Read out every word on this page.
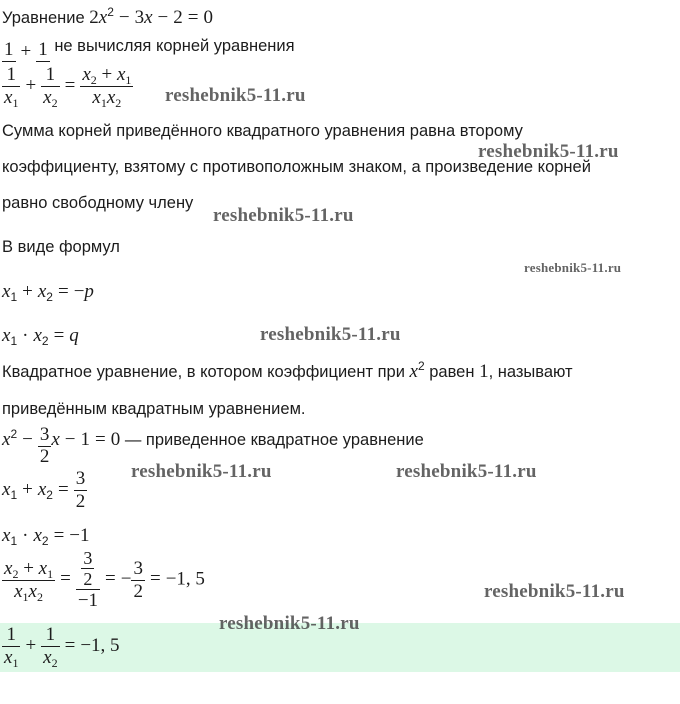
Уравнение $2x^2 - 3x - 2 = 0$
1
+ 1
не вычисляя корней уравнения
$\frac{1}{x_1} + \frac{1}{x_2} = \frac{x_2 + x_1}{x_1x_2}$
Сумма корней приведённого квадратного уравнения равна второму
коэффициенту, взятому с противоположным знаком, а произведение корней
равно свободному члену
В виде формул
$x_1 + x_2 = -p$
$x_1 \cdot x_2 = q$
Квадратное уравнение, в котором коэффициент при $x^2$ равен 1, называют
приведённым квадратным уравнением.
$x^2 - \frac{3}{2}$ x − 1 = 0 — приведенное квадратное уравнение
$x_1 + x_2 = \frac{3}{2}$
$x_1 \cdot x_2 = -1$
$\frac{x_2 + x_1}{x_1x_2} = \frac{\frac{3}{2}}{-1}$ = − $\frac{3}{2} = -1$, 5
$\frac{1}{x_1} + \frac{1}{x_2} = -1$, 5
reshebnik5-11.ru
reshebnik5-11.ru
reshebnik5-11.ru
reshebnik5-11.ru
reshebnik5-11.ru
reshebnik5-11.ru	reshebnik5-11.ru
reshebnik5-11.ru
reshebnik5-11.ru
